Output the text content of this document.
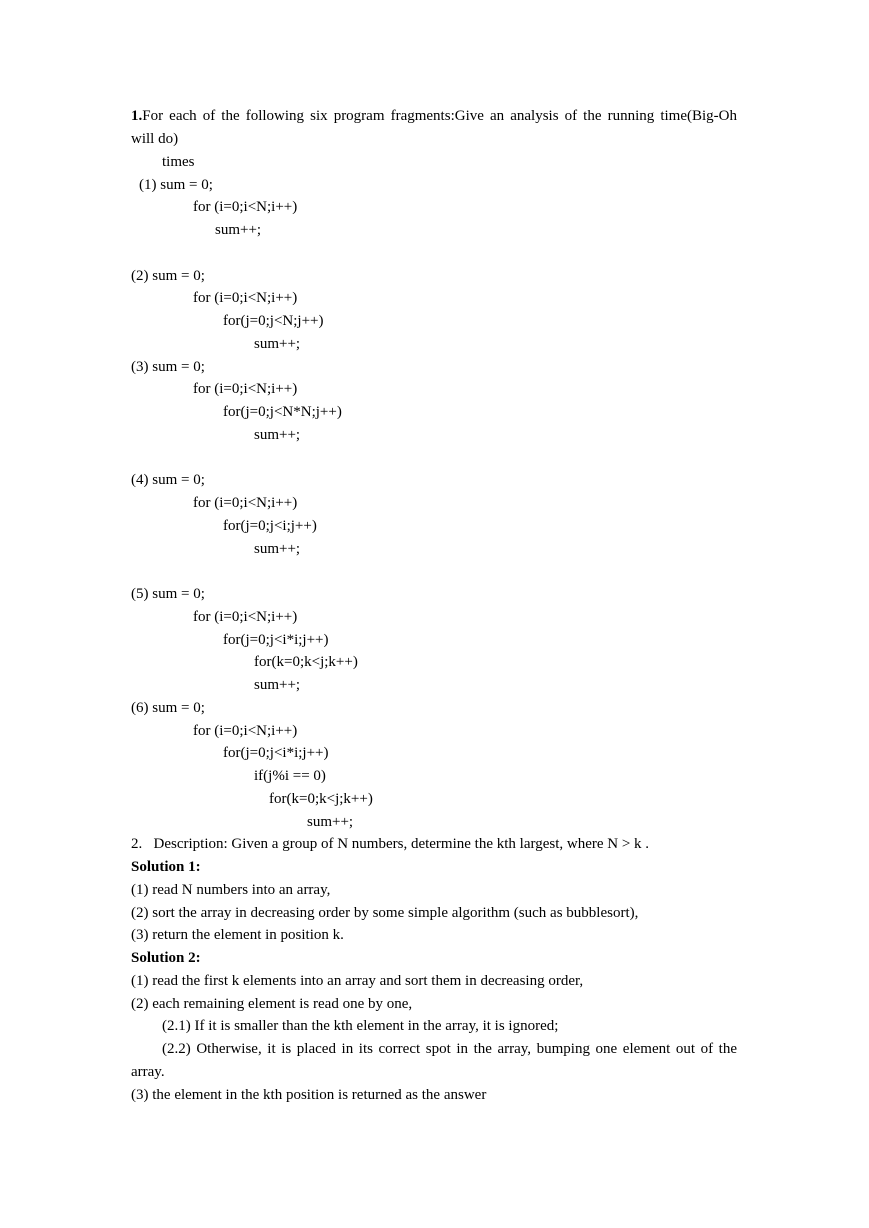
1.For each of the following six program fragments:Give an analysis of the running time(Big-Oh
will do)
times
(1) sum = 0;
for (i=0;i<N;i++)
sum++;
(2) sum = 0;
for (i=0;i<N;i++)
for(j=0;j<N;j++)
sum++;
(3) sum = 0;
for (i=0;i<N;i++)
for(j=0;j<N*N;j++)
sum++;
(4) sum = 0;
for (i=0;i<N;i++)
for(j=0;j<i;j++)
sum++;
(5) sum = 0;
for (i=0;i<N;i++)
for(j=0;j<i*i;j++)
for(k=0;k<j;k++)
sum++;
(6) sum = 0;
for (i=0;i<N;i++)
for(j=0;j<i*i;j++)
if(j%i == 0)
for(k=0;k<j;k++)
sum++;
2.   Description: Given a group of N numbers, determine the kth largest, where N > k .
Solution 1:
(1) read N numbers into an array,
(2) sort the array in decreasing order by some simple algorithm (such as bubblesort),
(3) return the element in position k.
Solution 2:
(1) read the first k elements into an array and sort them in decreasing order,
(2) each remaining element is read one by one,
(2.1) If it is smaller than the kth element in the array, it is ignored;
(2.2) Otherwise, it is placed in its correct spot in the array, bumping one element out of the
array.
(3) the element in the kth position is returned as the answer
